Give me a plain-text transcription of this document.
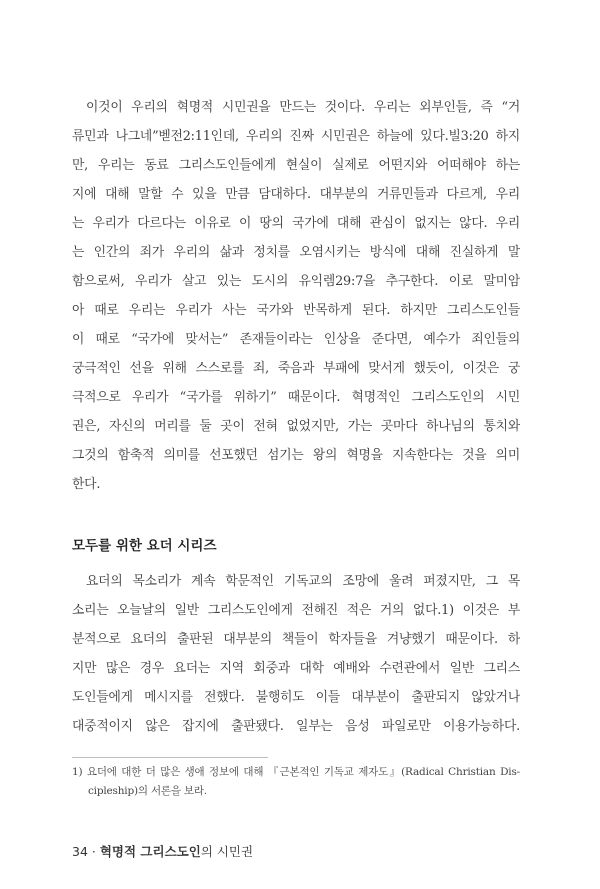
이것이 우리의 혁명적 시민권을 만드는 것이다. 우리는 외부인들, 즉 “거
류민과 나그네”벧전2:11인데, 우리의 진짜 시민권은 하늘에 있다.빌3:20 하지
만, 우리는 동료 그리스도인들에게 현실이 실제로 어떤지와 어떠해야 하는
지에 대해 말할 수 있을 만큼 담대하다. 대부분의 거류민들과 다르게, 우리
는 우리가 다르다는 이유로 이 땅의 국가에 대해 관심이 없지는 않다. 우리
는 인간의 죄가 우리의 삶과 정치를 오염시키는 방식에 대해 진실하게 말
함으로써, 우리가 살고 있는 도시의 유익렘29:7을 추구한다. 이로 말미암
아 때로 우리는 우리가 사는 국가와 반목하게 된다. 하지만 그리스도인들
이 때로 “국가에 맞서는” 존재들이라는 인상을 준다면, 예수가 죄인들의
궁극적인 선을 위해 스스로를 죄, 죽음과 부패에 맞서게 했듯이, 이것은 궁
극적으로 우리가 “국가를 위하기” 때문이다. 혁명적인 그리스도인의 시민
권은, 자신의 머리를 둘 곳이 전혀 없었지만, 가는 곳마다 하나님의 통치와
그것의 함축적 의미를 선포했던 섬기는 왕의 혁명을 지속한다는 것을 의미
한다.
모두를 위한 요더 시리즈
요더의 목소리가 계속 학문적인 기독교의 조망에 울려 퍼졌지만, 그 목
소리는 오늘날의 일반 그리스도인에게 전해진 적은 거의 없다.1) 이것은 부
분적으로 요더의 출판된 대부분의 책들이 학자들을 겨냥했기 때문이다. 하
지만 많은 경우 요더는 지역 회중과 대학 예배와 수련관에서 일반 그리스
도인들에게 메시지를 전했다. 불행히도 이들 대부분이 출판되지 않았거나
대중적이지 않은 잡지에 출판됐다. 일부는 음성 파일로만 이용가능하다.
1) 요더에 대한 더 많은 생애 정보에 대해 『근본적인 기독교 제자도』(Radical Christian Dis-
cipleship)의 서론을 보라.
34 · 혁명적 그리스도인의 시민권
